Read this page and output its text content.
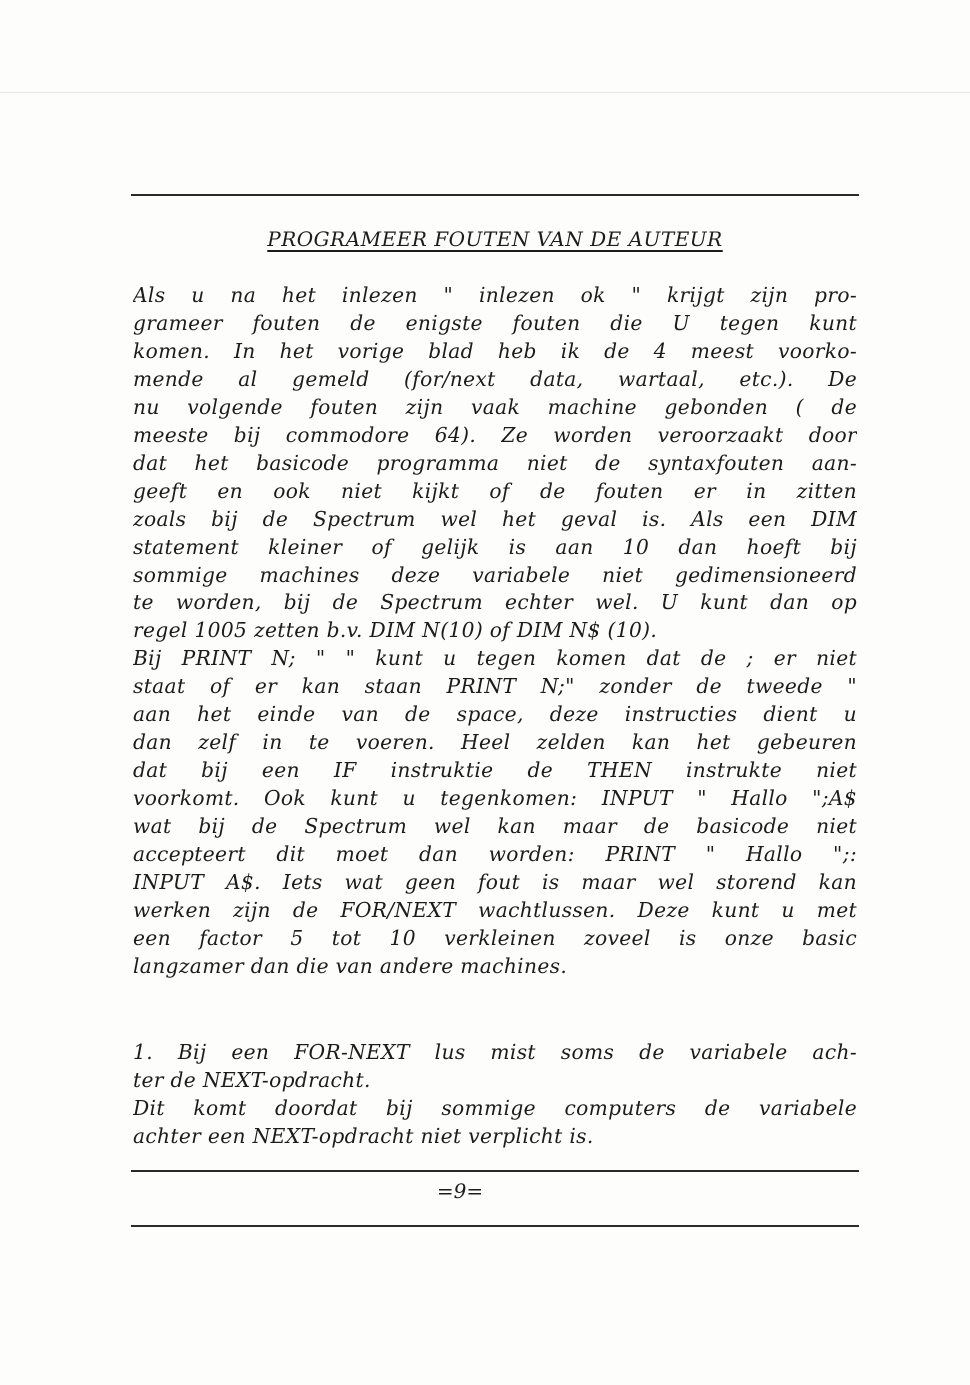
PROGRAMEER FOUTEN VAN DE AUTEUR
Als u na het inlezen " inlezen ok " krijgt zijn pro-
grameer fouten de enigste fouten die U tegen kunt
komen. In het vorige blad heb ik de 4 meest voorko-
mende al gemeld (for/next data, wartaal, etc.). De
nu volgende fouten zijn vaak machine gebonden ( de
meeste bij commodore 64). Ze worden veroorzaakt door
dat het basicode programma niet de syntaxfouten aan-
geeft en ook niet kijkt of de fouten er in zitten
zoals bij de Spectrum wel het geval is. Als een DIM
statement kleiner of gelijk is aan 10 dan hoeft bij
sommige machines deze variabele niet gedimensioneerd
te worden, bij de Spectrum echter wel. U kunt dan op
regel 1005 zetten b.v. DIM N(10) of DIM N$ (10).
Bij PRINT N; " " kunt u tegen komen dat de ; er niet
staat of er kan staan PRINT N;" zonder de tweede "
aan het einde van de space, deze instructies dient u
dan zelf in te voeren. Heel zelden kan het gebeuren
dat bij een IF instruktie de THEN instrukte niet
voorkomt. Ook kunt u tegenkomen: INPUT " Hallo ";A$
wat bij de Spectrum wel kan maar de basicode niet
accepteert dit moet dan worden: PRINT " Hallo ";:
INPUT A$. Iets wat geen fout is maar wel storend kan
werken zijn de FOR/NEXT wachtlussen. Deze kunt u met
een factor 5 tot 10 verkleinen zoveel is onze basic
langzamer dan die van andere machines.
1. Bij een FOR-NEXT lus mist soms de variabele ach-
ter de NEXT-opdracht.
Dit komt doordat bij sommige computers de variabele
achter een NEXT-opdracht niet verplicht is.
=9=
